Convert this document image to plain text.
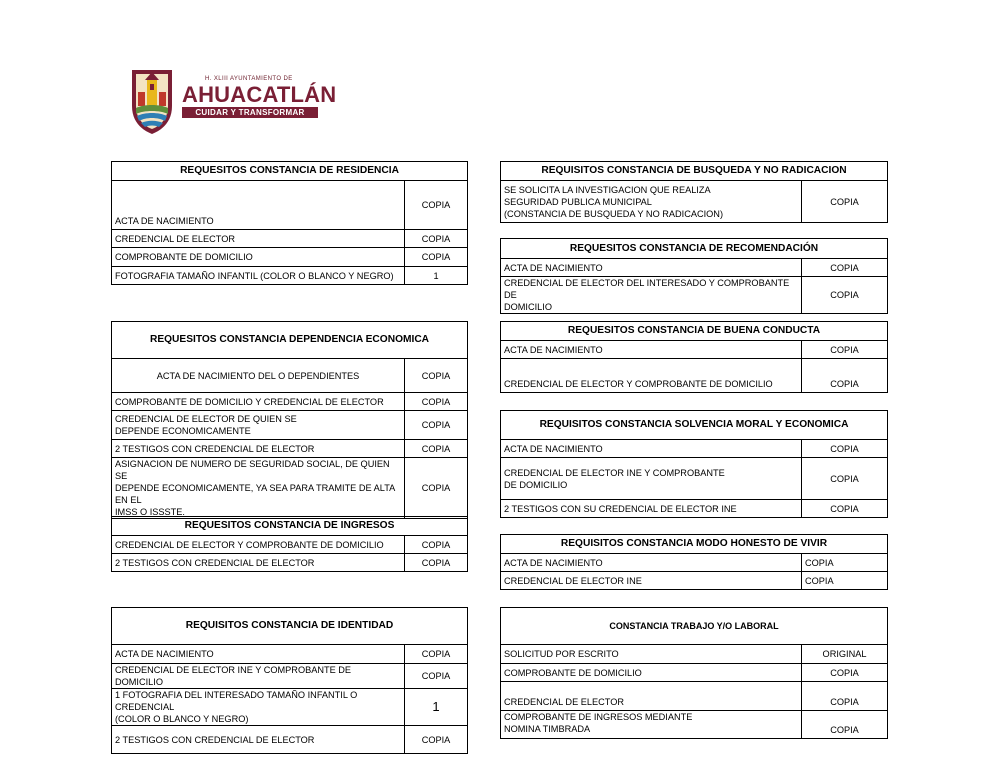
H. XLIII AYUNTAMIENTO DE
AHUACATLÁN
CUIDAR Y TRANSFORMAR
REQUESITOS CONSTANCIA DE RESIDENCIA	
ACTA DE NACIMIENTO	COPIA
CREDENCIAL DE ELECTOR	COPIA
COMPROBANTE DE DOMICILIO	COPIA
FOTOGRAFIA TAMAÑO INFANTIL (COLOR O BLANCO Y NEGRO)	1
REQUESITOS CONSTANCIA DEPENDENCIA ECONOMICA	
ACTA DE NACIMIENTO DEL O DEPENDIENTES	COPIA
COMPROBANTE DE DOMICILIO Y CREDENCIAL DE ELECTOR	COPIA
CREDENCIAL DE ELECTOR DE QUIEN SE
DEPENDE ECONOMICAMENTE	COPIA
2 TESTIGOS CON CREDENCIAL DE ELECTOR	COPIA
ASIGNACION DE NUMERO DE SEGURIDAD SOCIAL, DE QUIEN SE
DEPENDE ECONOMICAMENTE, YA SEA PARA TRAMITE DE ALTA EN EL
IMSS O ISSSTE.	COPIA
REQUESITOS CONSTANCIA DE INGRESOS	
CREDENCIAL DE ELECTOR Y COMPROBANTE DE DOMICILIO	COPIA
2 TESTIGOS CON CREDENCIAL DE ELECTOR	COPIA
REQUISITOS CONSTANCIA DE IDENTIDAD	
ACTA DE NACIMIENTO	COPIA
CREDENCIAL DE ELECTOR INE Y COMPROBANTE DE DOMICILIO	COPIA
1 FOTOGRAFIA DEL INTERESADO TAMAÑO INFANTIL O CREDENCIAL
(COLOR O BLANCO Y NEGRO)	1
2 TESTIGOS CON CREDENCIAL DE ELECTOR	COPIA
REQUISITOS CONSTANCIA DE BUSQUEDA Y NO RADICACION
SE SOLICITA LA INVESTIGACION QUE REALIZA
SEGURIDAD PUBLICA MUNICIPAL
(CONSTANCIA DE BUSQUEDA Y NO RADICACION)	COPIA
REQUESITOS CONSTANCIA DE RECOMENDACIÓN	
ACTA DE NACIMIENTO	COPIA
CREDENCIAL DE ELECTOR DEL INTERESADO Y COMPROBANTE DE
DOMICILIO	COPIA
REQUESITOS CONSTANCIA DE BUENA CONDUCTA	
ACTA DE NACIMIENTO	COPIA
CREDENCIAL DE ELECTOR Y COMPROBANTE DE DOMICILIO	COPIA
REQUISITOS CONSTANCIA SOLVENCIA MORAL Y ECONOMICA	
ACTA DE NACIMIENTO	COPIA
CREDENCIAL DE ELECTOR INE Y COMPROBANTE
DE DOMICILIO	COPIA
2 TESTIGOS CON SU CREDENCIAL DE ELECTOR INE	COPIA
REQUISITOS CONSTANCIA MODO HONESTO DE VIVIR	
ACTA DE NACIMIENTO	COPIA
CREDENCIAL DE ELECTOR INE	COPIA
CONSTANCIA TRABAJO Y/O LABORAL	
SOLICITUD POR ESCRITO	ORIGINAL
COMPROBANTE DE DOMICILIO	COPIA
CREDENCIAL DE ELECTOR	COPIA
COMPROBANTE DE INGRESOS MEDIANTE
NOMINA TIMBRADA	COPIA
